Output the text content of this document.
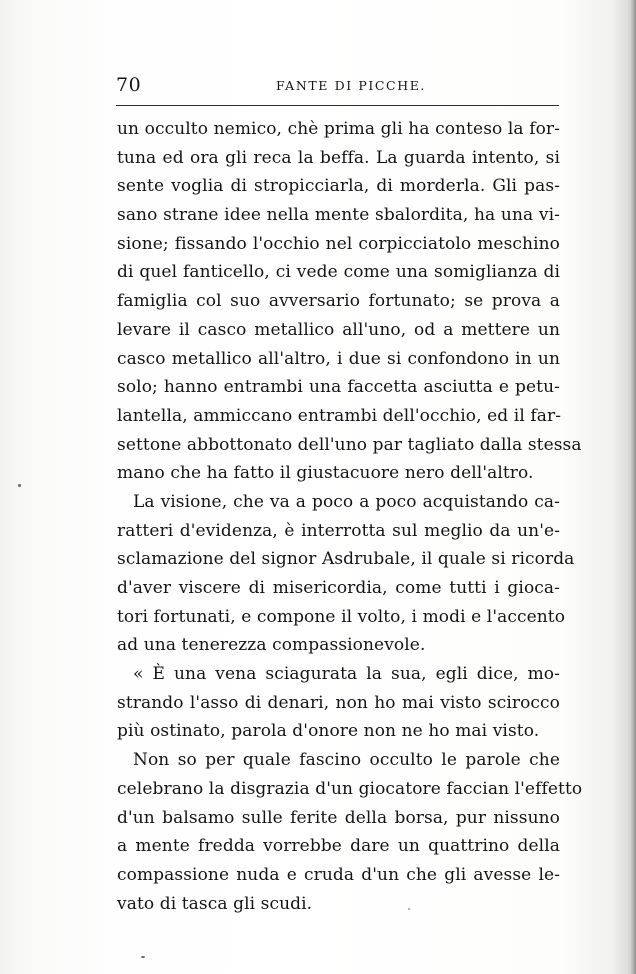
70	FANTE DI PICCHE.
un occulto nemico, chè prima gli ha conteso la for-
tuna ed ora gli reca la beffa. La guarda intento, si
sente voglia di stropicciarla, di morderla. Gli pas-
sano strane idee nella mente sbalordita, ha una vi-
sione; fissando l'occhio nel corpicciatolo meschino
di quel fanticello, ci vede come una somiglianza di
famiglia col suo avversario fortunato; se prova a
levare il casco metallico all'uno, od a mettere un
casco metallico all'altro, i due si confondono in un
solo; hanno entrambi una faccetta asciutta e petu-
lantella, ammiccano entrambi dell'occhio, ed il far-
settone abbottonato dell'uno par tagliato dalla stessa
mano che ha fatto il giustacuore nero dell'altro.
La visione, che va a poco a poco acquistando ca-
ratteri d'evidenza, è interrotta sul meglio da un'e-
sclamazione del signor Asdrubale, il quale si ricorda
d'aver viscere di misericordia, come tutti i gioca-
tori fortunati, e compone il volto, i modi e l'accento
ad una tenerezza compassionevole.
« È una vena sciagurata la sua, egli dice, mo-
strando l'asso di denari, non ho mai visto scirocco
più ostinato, parola d'onore non ne ho mai visto.
Non so per quale fascino occulto le parole che
celebrano la disgrazia d'un giocatore faccian l'effetto
d'un balsamo sulle ferite della borsa, pur nissuno
a mente fredda vorrebbe dare un quattrino della
compassione nuda e cruda d'un che gli avesse le-
vato di tasca gli scudi.
